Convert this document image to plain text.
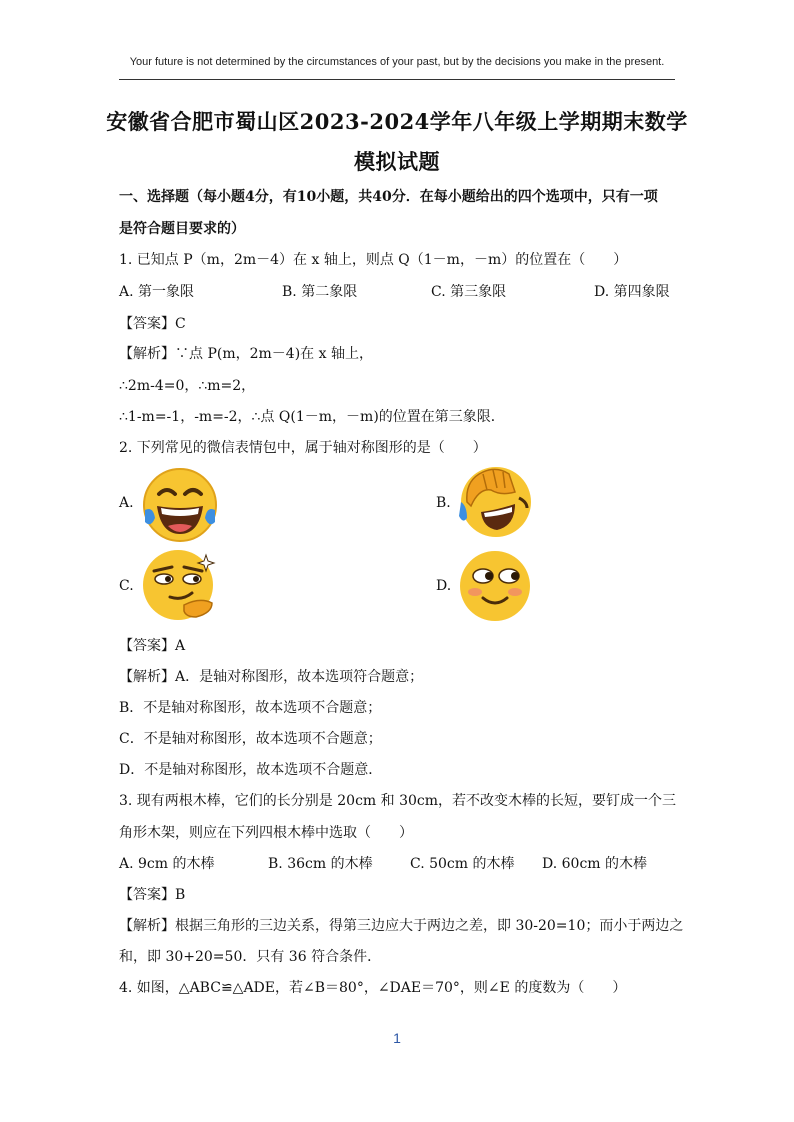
Your future is not determined by the circumstances of your past, but by the decisions you make in the present.
安徽省合肥市蜀山区2023-2024学年八年级上学期期末数学
模拟试题
一、选择题（每小题4分，有10小题，共40分．在每小题给出的四个选项中，只有一项
是符合题目要求的）
1. 已知点 P（m，2m－4）在 x 轴上，则点 Q（1－m，－m）的位置在（　　）
A. 第一象限	B. 第二象限	C. 第三象限	D. 第四象限
【答案】C
【解析】∵点 P(m，2m－4)在 x 轴上，
∴2m-4=0，∴m=2，
∴1-m=-1，-m=-2，∴点 Q(1－m，－m)的位置在第三象限．
2. 下列常见的微信表情包中，属于轴对称图形的是（　　）
A.	B.
C.	D.
【答案】A
【解析】A．是轴对称图形，故本选项符合题意；
B．不是轴对称图形，故本选项不合题意；
C．不是轴对称图形，故本选项不合题意；
D．不是轴对称图形，故本选项不合题意．
3. 现有两根木棒，它们的长分别是 20cm 和 30cm，若不改变木棒的长短，要钉成一个三
角形木架，则应在下列四根木棒中选取（　　）
A. 9cm 的木棒	B. 36cm 的木棒	C. 50cm 的木棒 D. 60cm 的木棒
【答案】B
【解析】根据三角形的三边关系，得第三边应大于两边之差，即 30-20=10；而小于两边之
和，即 30+20=50．只有 36 符合条件．
4. 如图，△ABC≌△ADE，若∠B＝80°，∠DAE＝70°，则∠E 的度数为（　　）
1
